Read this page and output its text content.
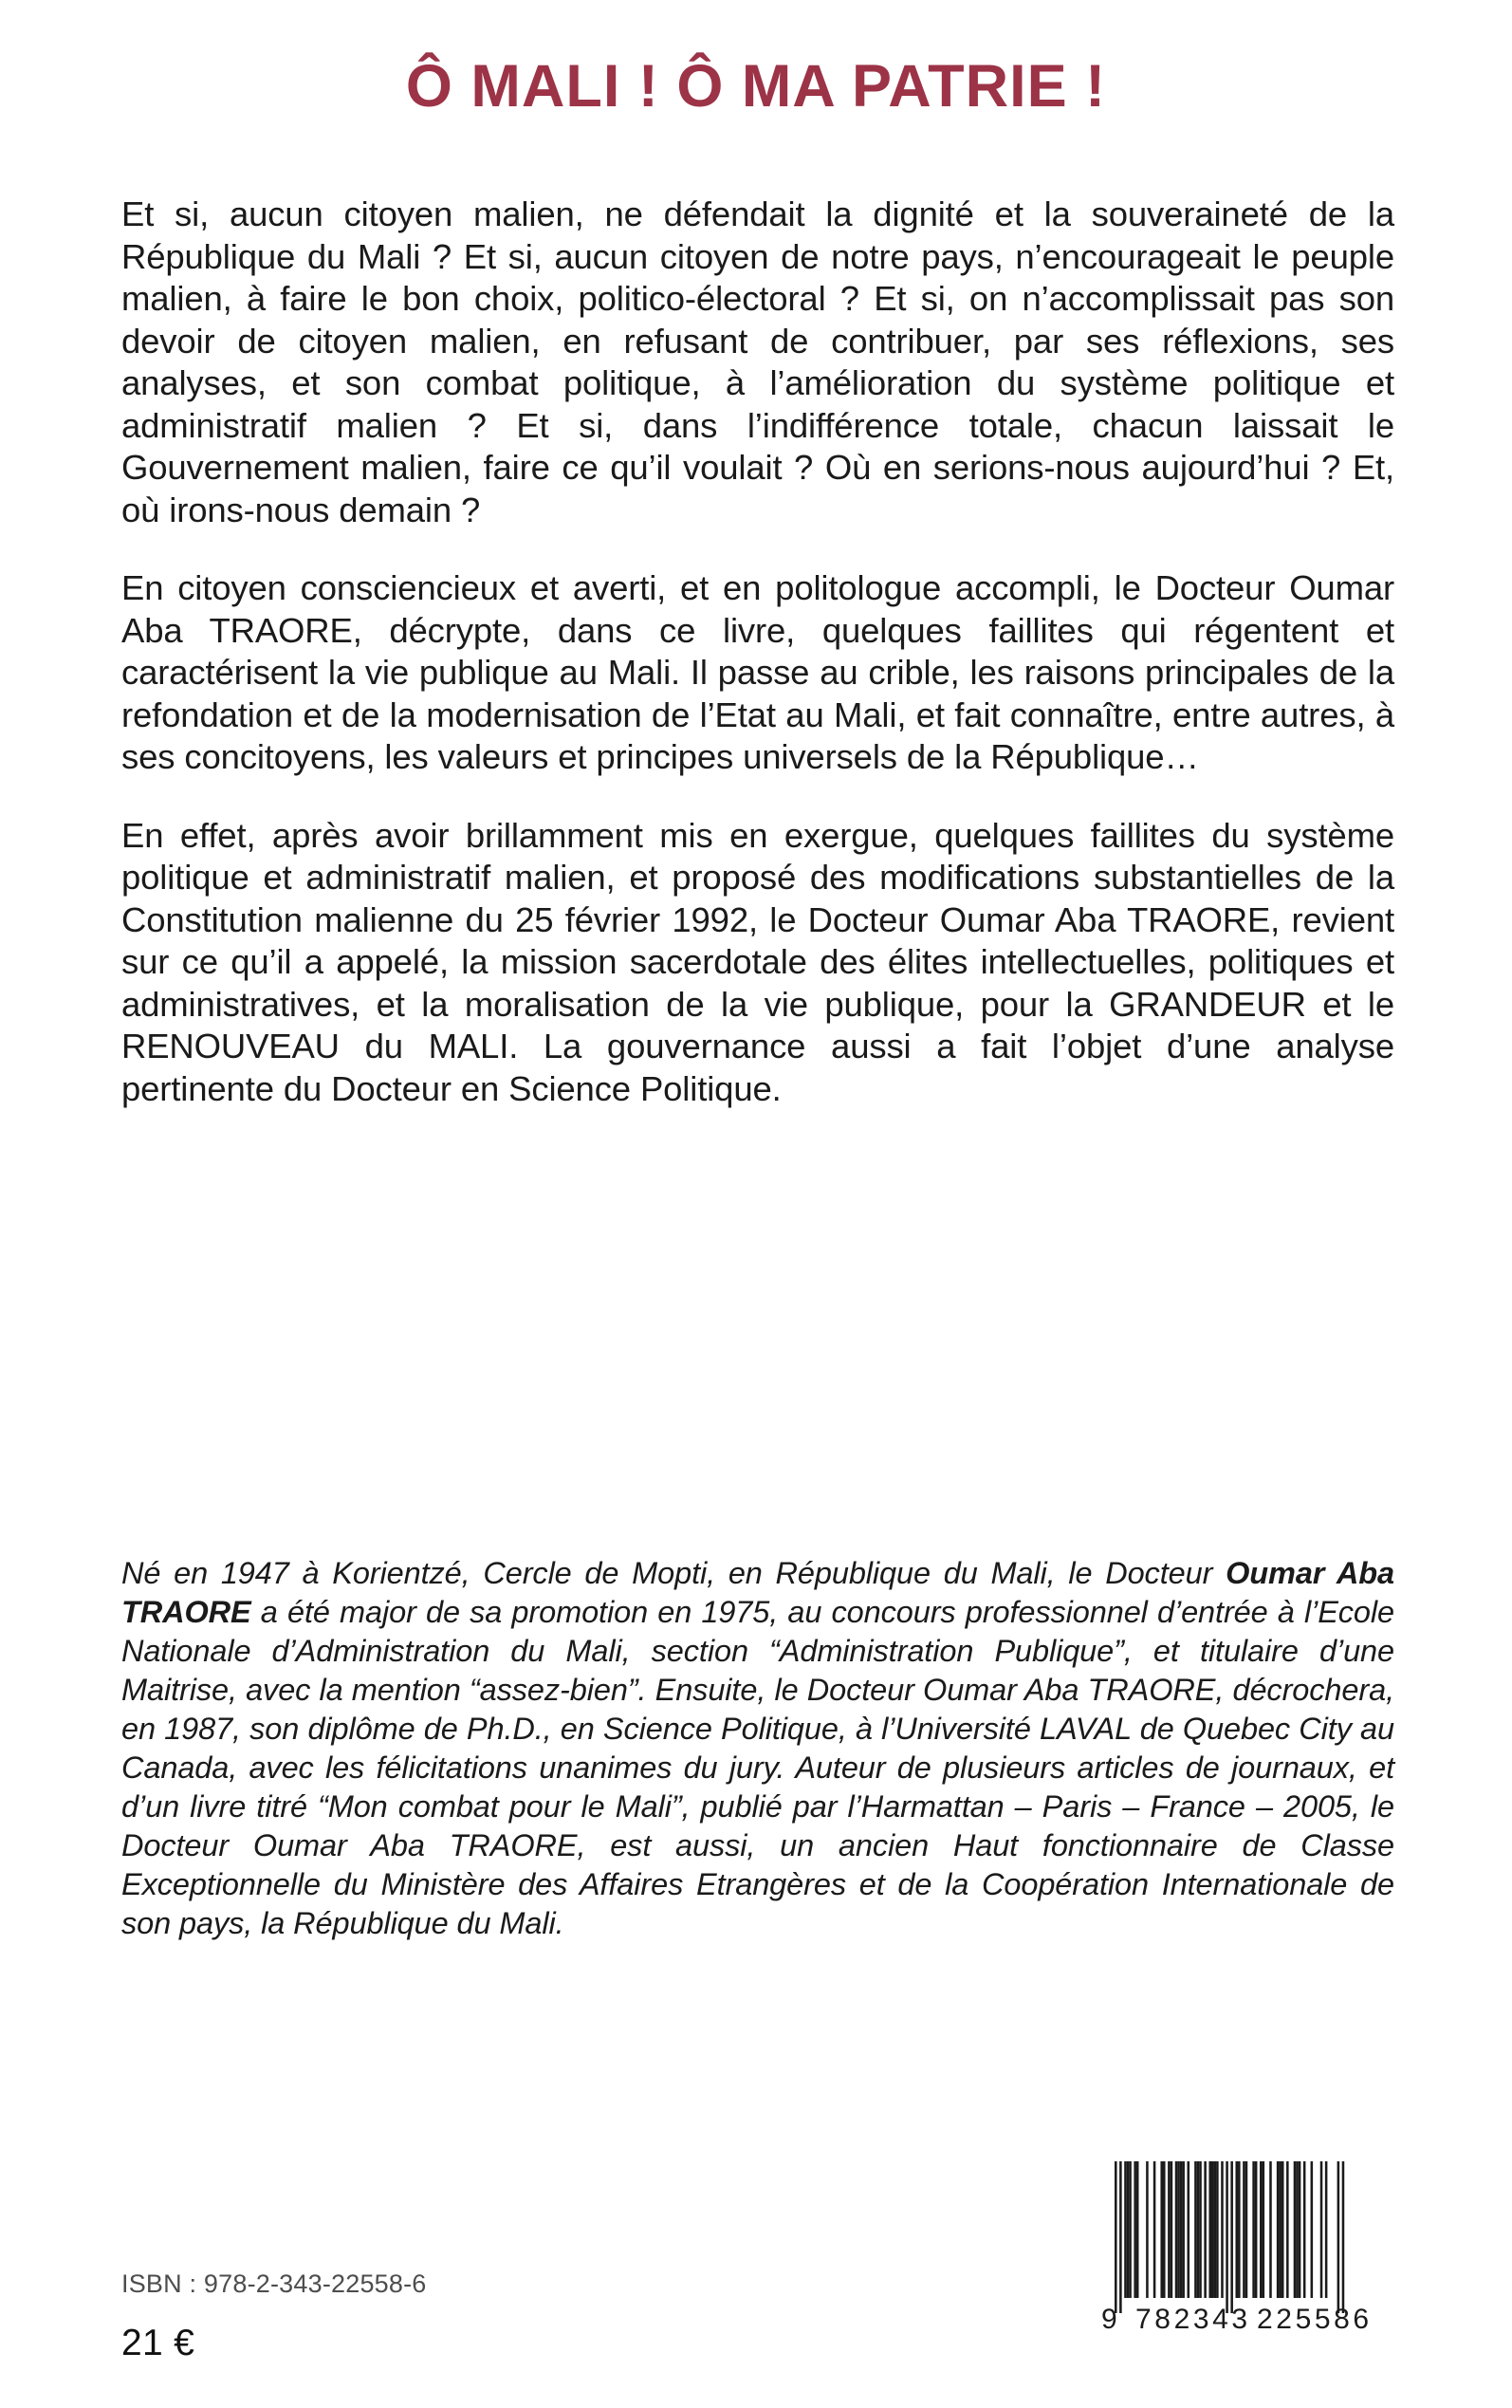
Ô MALI ! Ô MA PATRIE !

Et si, aucun citoyen malien, ne défendait la dignité et la souveraineté de la République du Mali ? Et si, aucun citoyen de notre pays, n’encourageait le peuple malien, à faire le bon choix, politico-électoral ? Et si, on n’accomplissait pas son devoir de citoyen malien, en refusant de contribuer, par ses réflexions, ses analyses, et son combat politique, à l’amélioration du système politique et administratif malien ? Et si, dans l’indifférence totale, chacun laissait le Gouvernement malien, faire ce qu’il voulait ? Où en serions-nous aujourd’hui ? Et, où irons-nous demain ?

En citoyen consciencieux et averti, et en politologue accompli, le Docteur Oumar Aba TRAORE, décrypte, dans ce livre, quelques faillites qui régentent et caractérisent la vie publique au Mali. Il passe au crible, les raisons principales de la refondation et de la modernisation de l’Etat au Mali, et fait connaître, entre autres, à ses concitoyens, les valeurs et principes universels de la République…

En effet, après avoir brillamment mis en exergue, quelques faillites du système politique et administratif malien, et proposé des modifications substantielles de la Constitution malienne du 25 février 1992, le Docteur Oumar Aba TRAORE, revient sur ce qu’il a appelé, la mission sacerdotale des élites intellectuelles, politiques et administratives, et la moralisation de la vie publique, pour la GRANDEUR et le RENOUVEAU du MALI. La gouvernance aussi a fait l’objet d’une analyse pertinente du Docteur en Science Politique.

Né en 1947 à Korientzé, Cercle de Mopti, en République du Mali, le Docteur Oumar Aba TRAORE a été major de sa promotion en 1975, au concours professionnel d’entrée à l’Ecole Nationale d’Administration du Mali, section “Administration Publique”, et titulaire d’une Maitrise, avec la mention “assez-bien”. Ensuite, le Docteur Oumar Aba TRAORE, décrochera, en 1987, son diplôme de Ph.D., en Science Politique, à l’Université LAVAL de Quebec City au Canada, avec les félicitations unanimes du jury. Auteur de plusieurs articles de journaux, et d’un livre titré “Mon combat pour le Mali”, publié par l’Harmattan – Paris – France – 2005, le Docteur Oumar Aba TRAORE, est aussi, un ancien Haut fonctionnaire de Classe Exceptionnelle du Ministère des Affaires Etrangères et de la Coopération Internationale de son pays, la République du Mali.
ISBN : 978-2-343-22558-6
21 €
9 782343 225586
